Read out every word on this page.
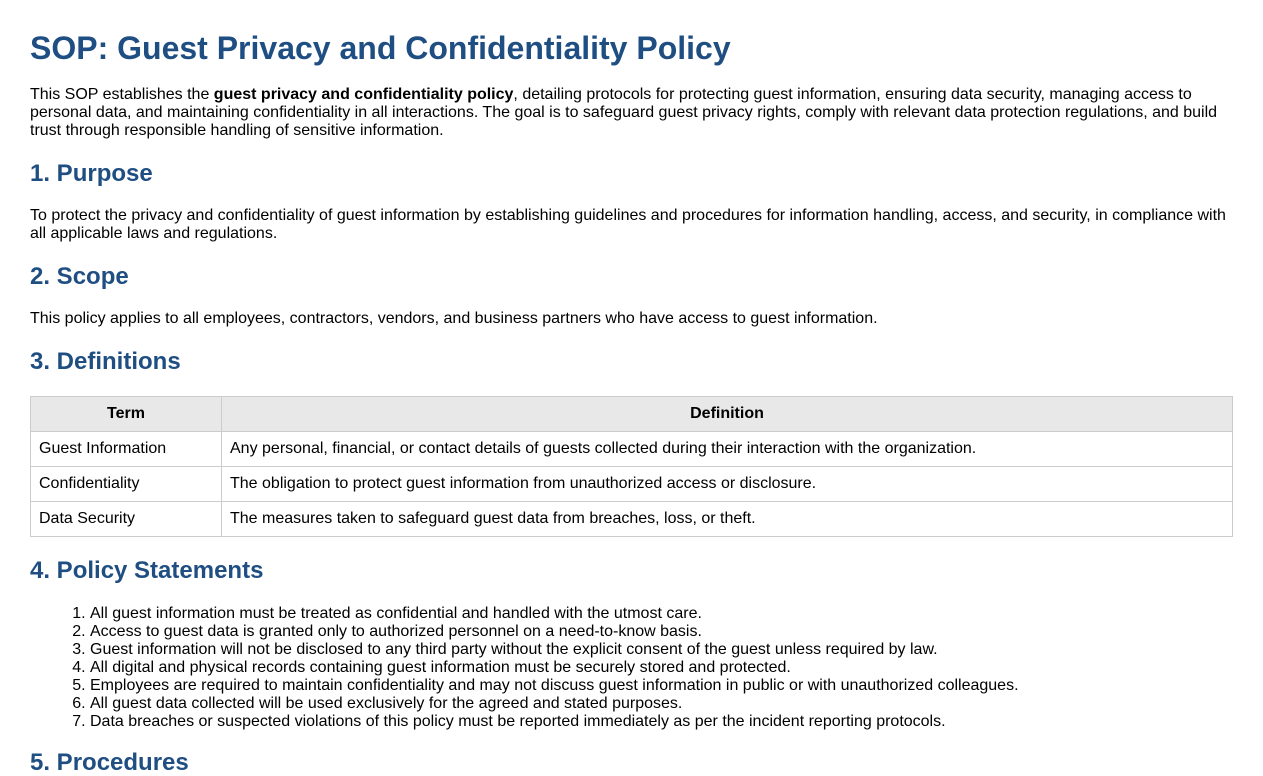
SOP: Guest Privacy and Confidentiality Policy

This SOP establishes the guest privacy and confidentiality policy, detailing protocols for protecting guest information, ensuring data security, managing access to personal data, and maintaining confidentiality in all interactions. The goal is to safeguard guest privacy rights, comply with relevant data protection regulations, and build trust through responsible handling of sensitive information.

1. Purpose

To protect the privacy and confidentiality of guest information by establishing guidelines and procedures for information handling, access, and security, in compliance with all applicable laws and regulations.

2. Scope

This policy applies to all employees, contractors, vendors, and business partners who have access to guest information.

3. Definitions
Term	Definition
Guest Information	Any personal, financial, or contact details of guests collected during their interaction with the organization.
Confidentiality	The obligation to protect guest information from unauthorized access or disclosure.
Data Security	The measures taken to safeguard guest data from breaches, loss, or theft.
4. Policy Statements
1. All guest information must be treated as confidential and handled with the utmost care.
2. Access to guest data is granted only to authorized personnel on a need-to-know basis.
3. Guest information will not be disclosed to any third party without the explicit consent of the guest unless required by law.
4. All digital and physical records containing guest information must be securely stored and protected.
5. Employees are required to maintain confidentiality and may not discuss guest information in public or with unauthorized colleagues.
6. All guest data collected will be used exclusively for the agreed and stated purposes.
7. Data breaches or suspected violations of this policy must be reported immediately as per the incident reporting protocols.
5. Procedures
